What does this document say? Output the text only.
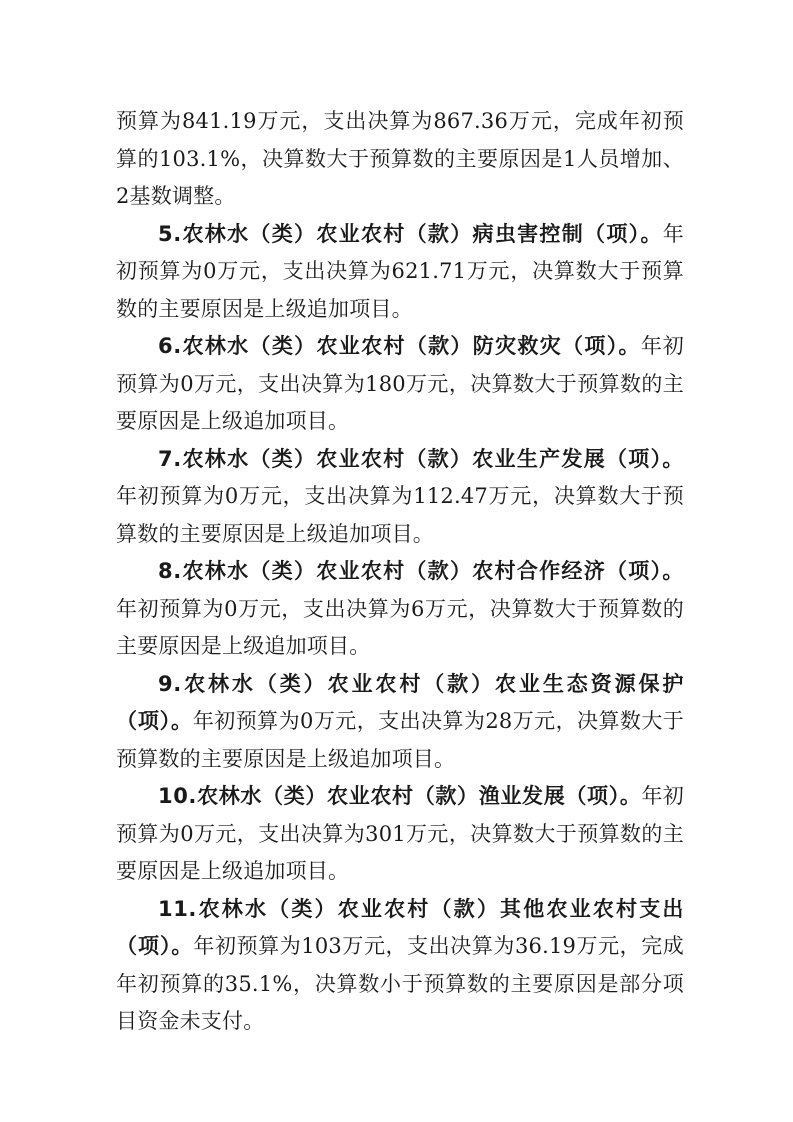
预算为841.19万元，支出决算为867.36万元，完成年初预算的103.1%，决算数大于预算数的主要原因是1人员增加、2基数调整。

5.农林水（类）农业农村（款）病虫害控制（项）。年初预算为0万元，支出决算为621.71万元，决算数大于预算数的主要原因是上级追加项目。

6.农林水（类）农业农村（款）防灾救灾（项）。年初预算为0万元，支出决算为180万元，决算数大于预算数的主要原因是上级追加项目。

7.农林水（类）农业农村（款）农业生产发展（项）。年初预算为0万元，支出决算为112.47万元，决算数大于预算数的主要原因是上级追加项目。

8.农林水（类）农业农村（款）农村合作经济（项）。年初预算为0万元，支出决算为6万元，决算数大于预算数的主要原因是上级追加项目。

9.农林水（类）农业农村（款）农业生态资源保护（项）。年初预算为0万元，支出决算为28万元，决算数大于预算数的主要原因是上级追加项目。

10.农林水（类）农业农村（款）渔业发展（项）。年初预算为0万元，支出决算为301万元，决算数大于预算数的主要原因是上级追加项目。

11.农林水（类）农业农村（款）其他农业农村支出（项）。年初预算为103万元，支出决算为36.19万元，完成年初预算的35.1%，决算数小于预算数的主要原因是部分项目资金未支付。
